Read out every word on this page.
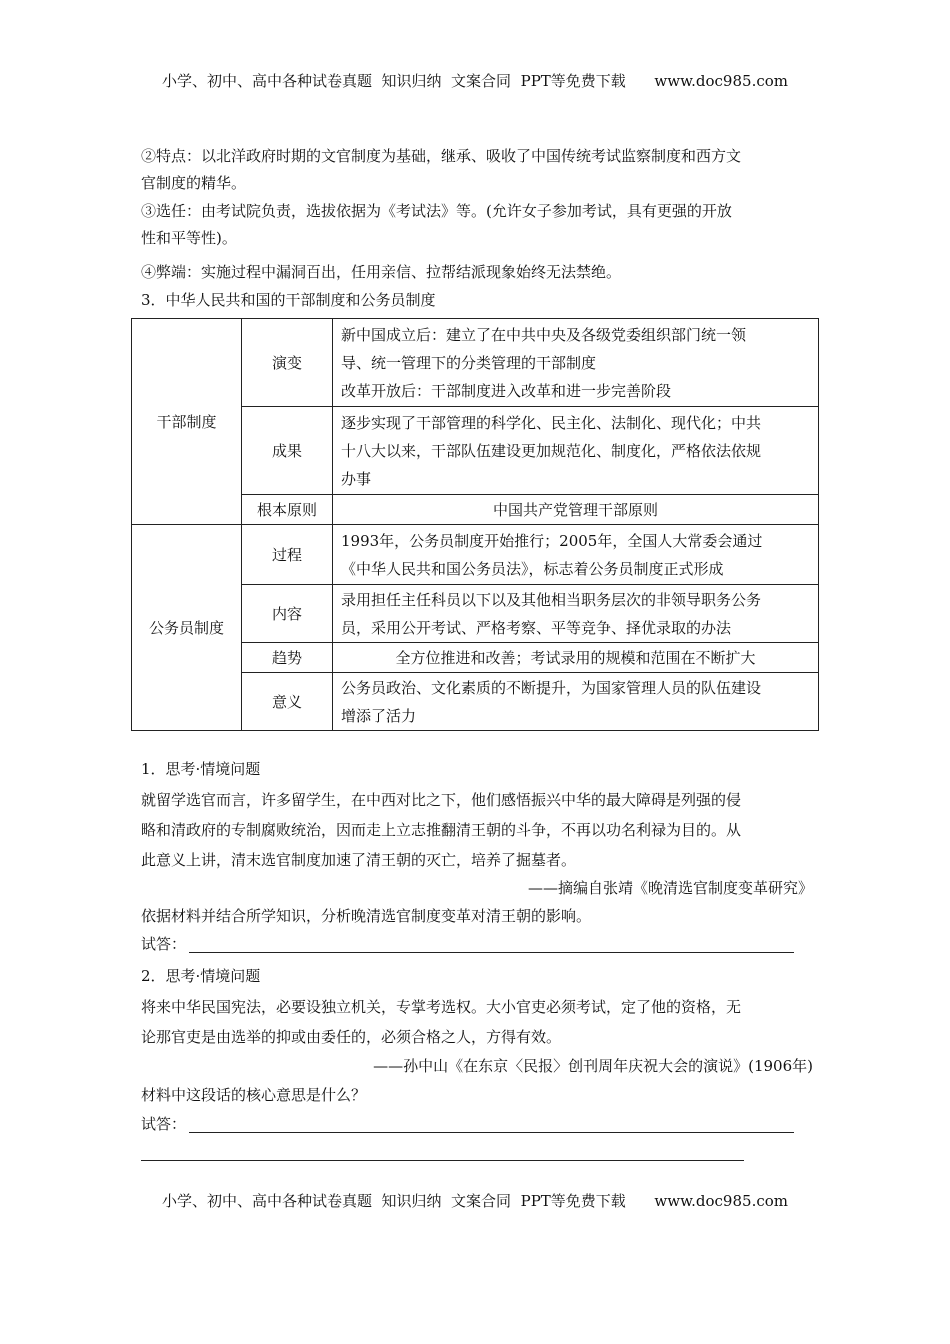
小学、初中、高中各种试卷真题  知识归纳  文案合同  PPT等免费下载      www.doc985.com
②特点：以北洋政府时期的文官制度为基础，继承、吸收了中国传统考试监察制度和西方文
官制度的精华。
③选任：由考试院负责，选拔依据为《考试法》等。(允许女子参加考试，具有更强的开放
性和平等性)。
④弊端：实施过程中漏洞百出，任用亲信、拉帮结派现象始终无法禁绝。
3．中华人民共和国的干部制度和公务员制度
干部制度	演变	新中国成立后：建立了在中共中央及各级党委组织部门统一领
导、统一管理下的分类管理的干部制度
改革开放后：干部制度进入改革和进一步完善阶段

	成果	逐步实现了干部管理的科学化、民主化、法制化、现代化；中共
十八大以来，干部队伍建设更加规范化、制度化，严格依法依规
办事

	根本原则	中国共产党管理干部原则
公务员制度	过程	1993年，公务员制度开始推行；2005年，全国人大常委会通过
《中华人民共和国公务员法》，标志着公务员制度正式形成

	内容	录用担任主任科员以下以及其他相当职务层次的非领导职务公务
员，采用公开考试、严格考察、平等竞争、择优录取的办法

	趋势	全方位推进和改善；考试录用的规模和范围在不断扩大
	意义	公务员政治、文化素质的不断提升，为国家管理人员的队伍建设
增添了活力
1．思考·情境问题
就留学选官而言，许多留学生，在中西对比之下，他们感悟振兴中华的最大障碍是列强的侵
略和清政府的专制腐败统治，因而走上立志推翻清王朝的斗争，不再以功名利禄为目的。从
此意义上讲，清末选官制度加速了清王朝的灭亡，培养了掘墓者。
——摘编自张靖《晚清选官制度变革研究》
依据材料并结合所学知识，分析晚清选官制度变革对清王朝的影响。
试答：
2．思考·情境问题
将来中华民国宪法，必要设独立机关，专掌考选权。大小官吏必须考试，定了他的资格，无
论那官吏是由选举的抑或由委任的，必须合格之人，方得有效。
——孙中山《在东京〈民报〉创刊周年庆祝大会的演说》(1906年)
材料中这段话的核心意思是什么？
试答：
小学、初中、高中各种试卷真题  知识归纳  文案合同  PPT等免费下载      www.doc985.com
